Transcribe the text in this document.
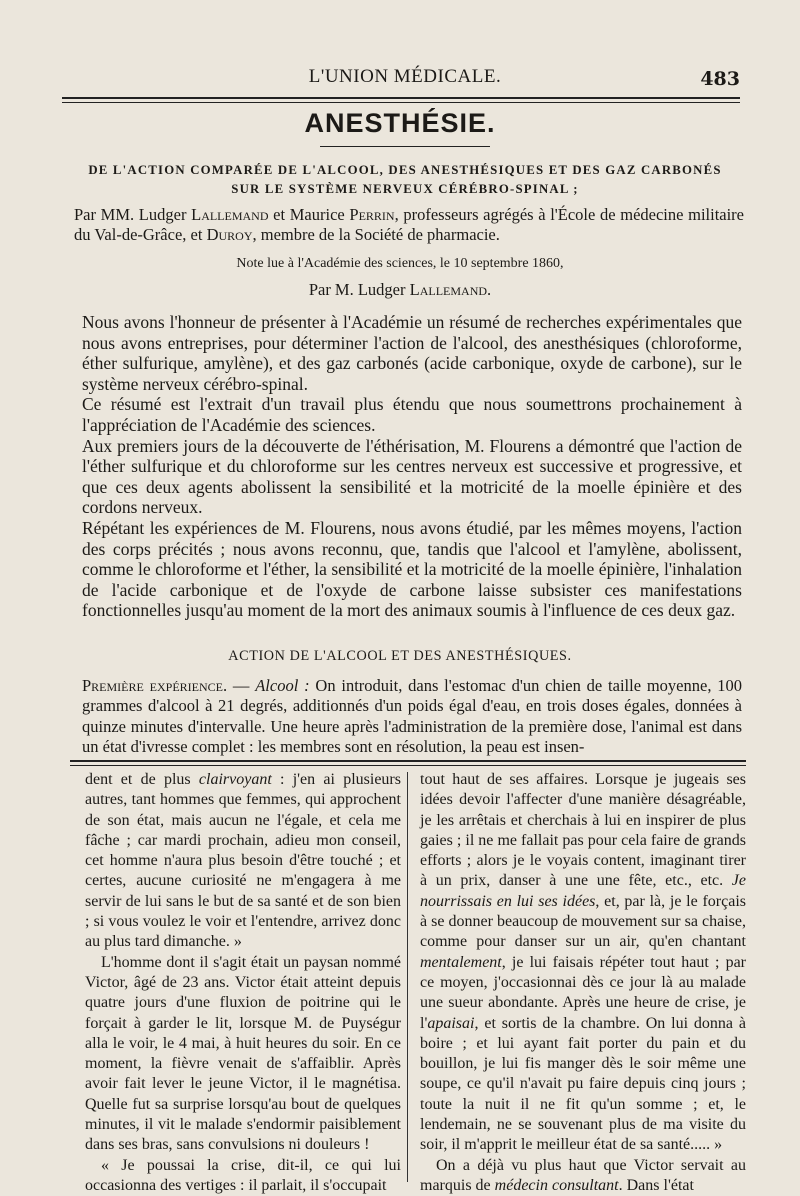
L'UNION MÉDICALE.	483
ANESTHÉSIE.
DE L'ACTION COMPARÉE DE L'ALCOOL, DES ANESTHÉSIQUES ET DES GAZ CARBONÉS
SUR LE SYSTÈME NERVEUX CÉRÉBRO-SPINAL ;
Par MM. Ludger Lallemand et Maurice Perrin, professeurs agrégés à l'École de médecine militaire du Val-de-Grâce, et Duroy, membre de la Société de pharmacie.
Note lue à l'Académie des sciences, le 10 septembre 1860,
Par M. Ludger Lallemand.

Nous avons l'honneur de présenter à l'Académie un résumé de recherches expérimentales que nous avons entreprises, pour déterminer l'action de l'alcool, des anesthésiques (chloroforme, éther sulfurique, amylène), et des gaz carbonés (acide carbonique, oxyde de carbone), sur le système nerveux cérébro-spinal.

Ce résumé est l'extrait d'un travail plus étendu que nous soumettrons prochainement à l'appréciation de l'Académie des sciences.

Aux premiers jours de la découverte de l'éthérisation, M. Flourens a démontré que l'action de l'éther sulfurique et du chloroforme sur les centres nerveux est successive et progressive, et que ces deux agents abolissent la sensibilité et la motricité de la moelle épinière et des cordons nerveux.

Répétant les expériences de M. Flourens, nous avons étudié, par les mêmes moyens, l'action des corps précités ; nous avons reconnu, que, tandis que l'alcool et l'amylène, abolissent, comme le chloroforme et l'éther, la sensibilité et la motricité de la moelle épinière, l'inhalation de l'acide carbonique et de l'oxyde de carbone laisse subsister ces manifestations fonctionnelles jusqu'au moment de la mort des animaux soumis à l'influence de ces deux gaz.

ACTION DE L'ALCOOL ET DES ANESTHÉSIQUES.

Première expérience. — Alcool : On introduit, dans l'estomac d'un chien de taille moyenne, 100 grammes d'alcool à 21 degrés, additionnés d'un poids égal d'eau, en trois doses égales, données à quinze minutes d'intervalle. Une heure après l'administration de la première dose, l'animal est dans un état d'ivresse complet : les membres sont en résolution, la peau est insen-

dent et de plus clairvoyant : j'en ai plusieurs autres, tant hommes que femmes, qui approchent de son état, mais aucun ne l'égale, et cela me fâche ; car mardi prochain, adieu mon conseil, cet homme n'aura plus besoin d'être touché ; et certes, aucune curiosité ne m'engagera à me servir de lui sans le but de sa santé et de son bien ; si vous voulez le voir et l'entendre, arrivez donc au plus tard dimanche. »

L'homme dont il s'agit était un paysan nommé Victor, âgé de 23 ans. Victor était atteint depuis quatre jours d'une fluxion de poitrine qui le forçait à garder le lit, lorsque M. de Puységur alla le voir, le 4 mai, à huit heures du soir. En ce moment, la fièvre venait de s'affaiblir. Après avoir fait lever le jeune Victor, il le magnétisa. Quelle fut sa surprise lorsqu'au bout de quelques minutes, il vit le malade s'endormir paisiblement dans ses bras, sans convulsions ni douleurs !

« Je poussai la crise, dit-il, ce qui lui occasionna des vertiges : il parlait, il s'occupait

tout haut de ses affaires. Lorsque je jugeais ses idées devoir l'affecter d'une manière désagréable, je les arrêtais et cherchais à lui en inspirer de plus gaies ; il ne me fallait pas pour cela faire de grands efforts ; alors je le voyais content, imaginant tirer à un prix, danser à une une fête, etc., etc. Je nourrissais en lui ses idées, et, par là, je le forçais à se donner beaucoup de mouvement sur sa chaise, comme pour danser sur un air, qu'en chantant mentalement, je lui faisais répéter tout haut ; par ce moyen, j'occasionnai dès ce jour là au malade une sueur abondante. Après une heure de crise, je l'apaisai, et sortis de la chambre. On lui donna à boire ; et lui ayant fait porter du pain et du bouillon, je lui fis manger dès le soir même une soupe, ce qu'il n'avait pu faire depuis cinq jours ; toute la nuit il ne fit qu'un somme ; et, le lendemain, ne se souvenant plus de ma visite du soir, il m'apprit le meilleur état de sa santé..... »

On a déjà vu plus haut que Victor servait au marquis de médecin consultant. Dans l'état
